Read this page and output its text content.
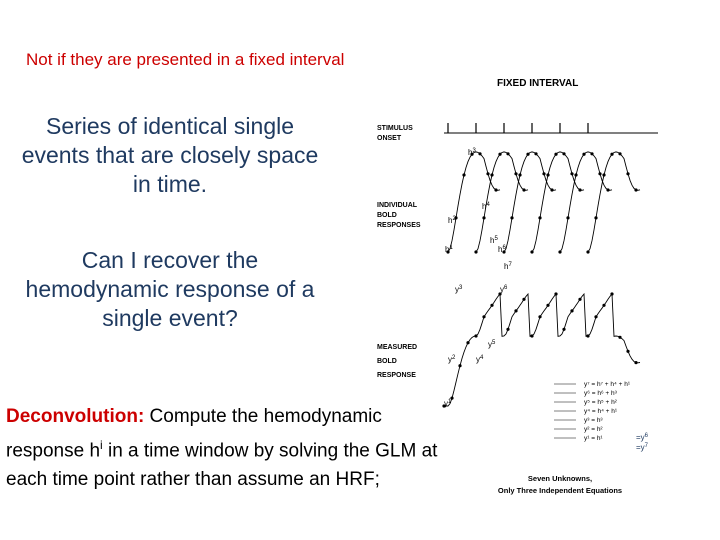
Not if they are presented in a fixed interval
Series of identical single events that are closely space in time.
Can I recover the hemodynamic response of a single event?
Deconvolution: Compute the hemodynamic response $h^i$ in a time window by solving the GLM at each time point rather than assume an HRF;
FIXED INTERVAL
STIMULUS
ONSET
INDIVIDUAL
BOLD
RESPONSES
$h^3$
$h^4$
$h^2$
$h^5$
$h^1$	$h^6$
$h^7$
MEASURED
BOLD
RESPONSE
$y^3$	$y^6$
$y^5$
$y^2$	$y^4$
$y^1$
y⁷ = h⁷ + h⁴ + h¹
y⁶ = h⁶ + h³
y⁵ = h⁵ + h²
y⁴ = h⁴ + h¹
y³ = h³
y² = h²
y¹ = h¹	$=y^6$
$=y^7$
Seven Unknowns,
Only Three Independent Equations
